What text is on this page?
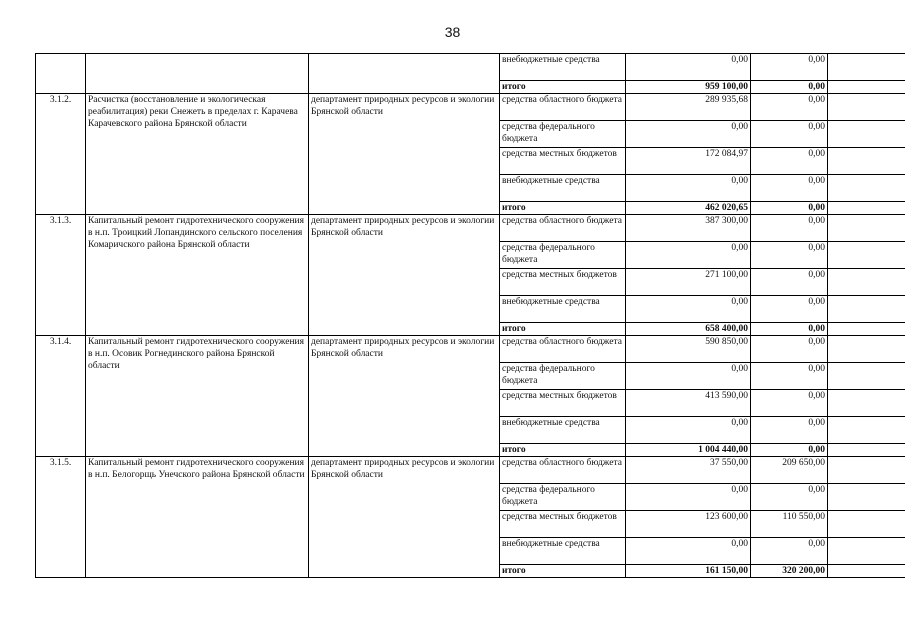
38
			внебюджетные средства	0,00	0,00	
			итого	959 100,00	0,00	
3.1.2.	Расчистка (восстановление и экологическая реабилитация) реки Снежеть в пределах г. Карачева Карачевского района Брянской области	департамент природных ресурсов и экологии Брянской области	средства областного бюджета	289 935,68	0,00	
			средства федерального бюджета	0,00	0,00	
			средства местных бюджетов	172 084,97	0,00	
			внебюджетные средства	0,00	0,00	
			итого	462 020,65	0,00	
3.1.3.	Капитальный ремонт гидротехнического сооружения в н.п. Троицкий Лопандинского сельского поселения Комаричского района Брянской области	департамент природных ресурсов и экологии Брянской области	средства областного бюджета	387 300,00	0,00	
			средства федерального бюджета	0,00	0,00	
			средства местных бюджетов	271 100,00	0,00	
			внебюджетные средства	0,00	0,00	
			итого	658 400,00	0,00	
3.1.4.	Капитальный ремонт гидротехнического сооружения в н.п. Осовик Рогнединского района Брянской области	департамент природных ресурсов и экологии Брянской области	средства областного бюджета	590 850,00	0,00	
			средства федерального бюджета	0,00	0,00	
			средства местных бюджетов	413 590,00	0,00	
			внебюджетные средства	0,00	0,00	
			итого	1 004 440,00	0,00	
3.1.5.	Капитальный ремонт гидротехнического сооружения в н.п. Белогорщь Унечского района Брянской области	департамент природных ресурсов и экологии Брянской области	средства областного бюджета	37 550,00	209 650,00	
			средства федерального бюджета	0,00	0,00	
			средства местных бюджетов	123 600,00	110 550,00	
			внебюджетные средства	0,00	0,00	
			итого	161 150,00	320 200,00	
